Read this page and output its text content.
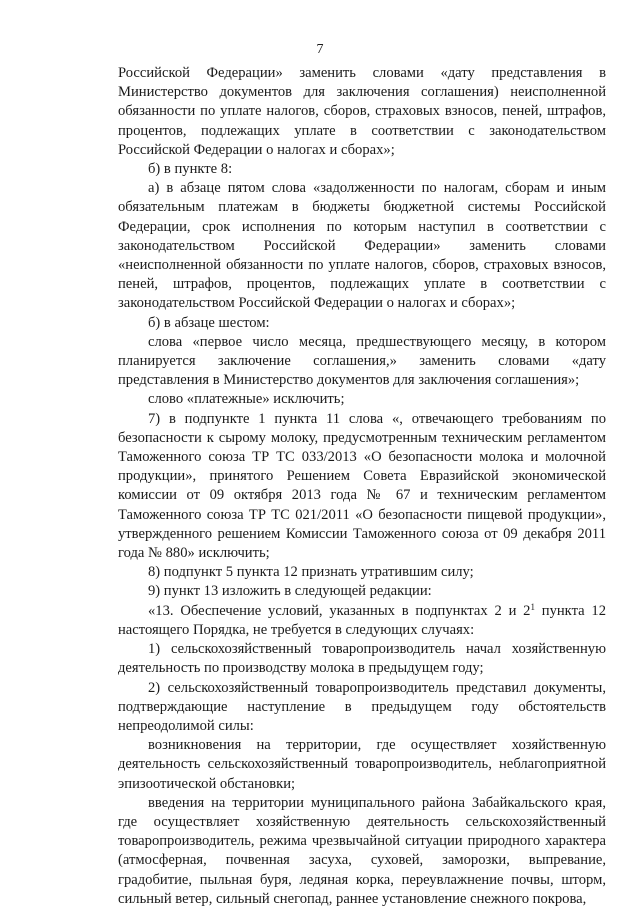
7

Российской Федерации» заменить словами «дату представления в Министерство документов для заключения соглашения) неисполненной обязанности по уплате налогов, сборов, страховых взносов, пеней, штрафов, процентов, подлежащих уплате в соответствии с законодательством Российской Федерации о налогах и сборах»;

б) в пункте 8:

а) в абзаце пятом слова «задолженности по налогам, сборам и иным обязательным платежам в бюджеты бюджетной системы Российской Федерации, срок исполнения по которым наступил в соответствии с законодательством Российской Федерации» заменить словами «неисполненной обязанности по уплате налогов, сборов, страховых взносов, пеней, штрафов, процентов, подлежащих уплате в соответствии с законодательством Российской Федерации о налогах и сборах»;

б) в абзаце шестом:

слова «первое число месяца, предшествующего месяцу, в котором планируется заключение соглашения,» заменить словами «дату представления в Министерство документов для заключения соглашения»;

слово «платежные» исключить;

7) в подпункте 1 пункта 11 слова «, отвечающего требованиям по безопасности к сырому молоку, предусмотренным техническим регламентом Таможенного союза ТР ТС 033/2013 «О безопасности молока и молочной продукции», принятого Решением Совета Евразийской экономической комиссии от 09 октября 2013 года № 67 и техническим регламентом Таможенного союза ТР ТС 021/2011 «О безопасности пищевой продукции», утвержденного решением Комиссии Таможенного союза от 09 декабря 2011 года № 880» исключить;

8) подпункт 5 пункта 12 признать утратившим силу;

9) пункт 13 изложить в следующей редакции:

«13. Обеспечение условий, указанных в подпунктах 2 и $2^1$ пункта 12 настоящего Порядка, не требуется в следующих случаях:

1) сельскохозяйственный товаропроизводитель начал хозяйственную деятельность по производству молока в предыдущем году;

2) сельскохозяйственный товаропроизводитель представил документы, подтверждающие наступление в предыдущем году обстоятельств непреодолимой силы:

возникновения на территории, где осуществляет хозяйственную деятельность сельскохозяйственный товаропроизводитель, неблагоприятной эпизоотической обстановки;

введения на территории муниципального района Забайкальского края, где осуществляет хозяйственную деятельность сельскохозяйственный товаропроизводитель, режима чрезвычайной ситуации природного характера (атмосферная, почвенная засуха, суховей, заморозки, выпревание, градобитие, пыльная буря, ледяная корка, переувлажнение почвы, шторм, сильный ветер, сильный снегопад, раннее установление снежного покрова,
